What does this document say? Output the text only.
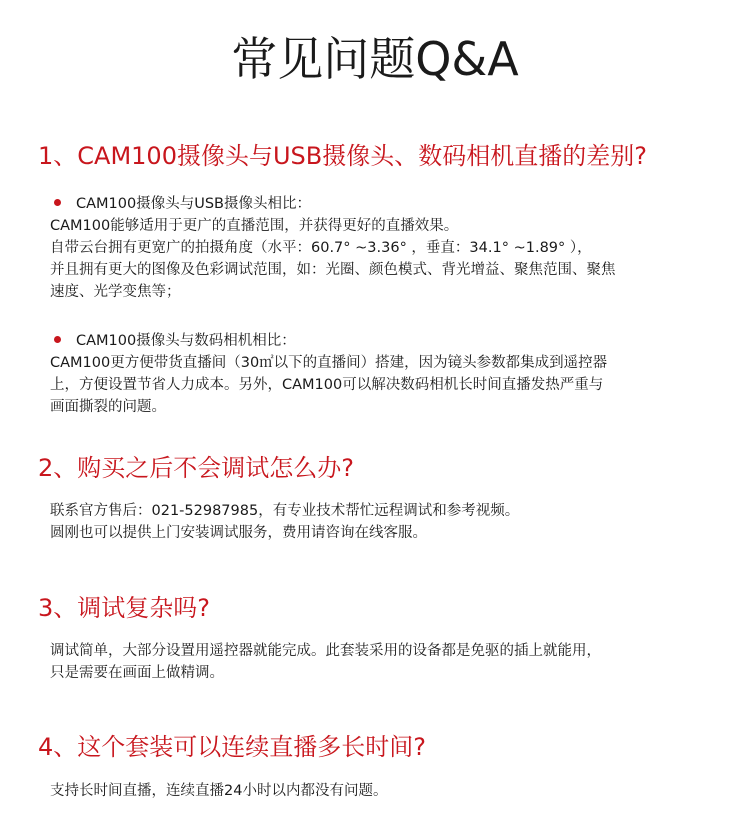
常见问题Q&A
1、CAM100摄像头与USB摄像头、数码相机直播的差别?

CAM100摄像头与USB摄像头相比：

CAM100能够适用于更广的直播范围，并获得更好的直播效果。

自带云台拥有更宽广的拍摄角度（水平：60.7° ~3.36° ，垂直：34.1° ~1.89° ），

并且拥有更大的图像及色彩调试范围，如：光圈、颜色模式、背光增益、聚焦范围、聚焦

速度、光学变焦等；

CAM100摄像头与数码相机相比：

CAM100更方便带货直播间（30㎡以下的直播间）搭建，因为镜头参数都集成到遥控器

上，方便设置节省人力成本。另外，CAM100可以解决数码相机长时间直播发热严重与

画面撕裂的问题。

2、购买之后不会调试怎么办?

联系官方售后：021-52987985，有专业技术帮忙远程调试和参考视频。

圆刚也可以提供上门安装调试服务，费用请咨询在线客服。

3、调试复杂吗?

调试简单，大部分设置用遥控器就能完成。此套装采用的设备都是免驱的插上就能用，

只是需要在画面上做精调。

4、这个套装可以连续直播多长时间?

支持长时间直播，连续直播24小时以内都没有问题。
